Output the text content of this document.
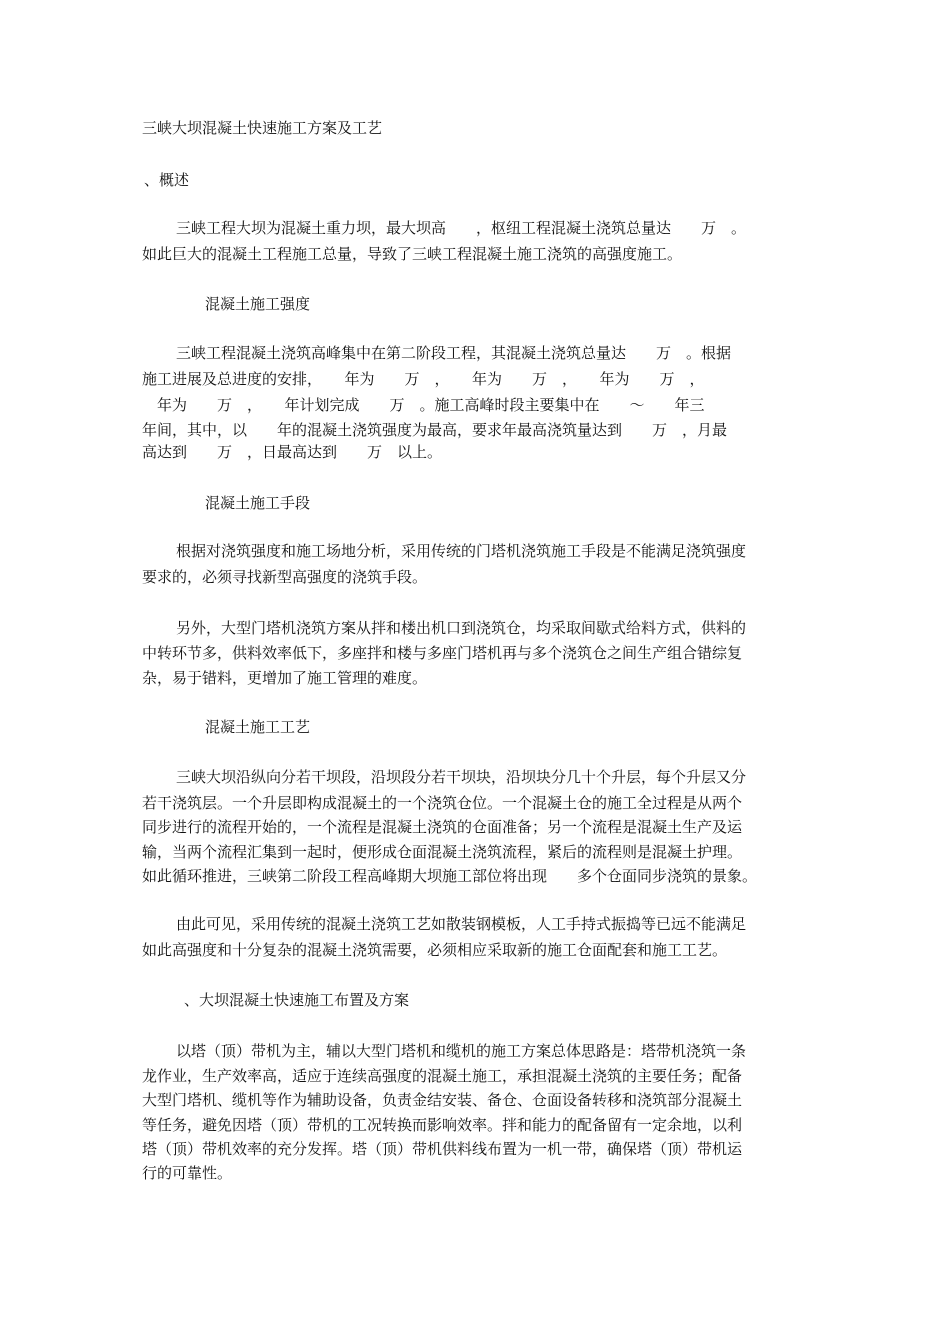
三峡大坝混凝土快速施工方案及工艺

、概述

三峡工程大坝为混凝土重力坝，最大坝高　　，枢纽工程混凝土浇筑总量达　　万　。

如此巨大的混凝土工程施工总量，导致了三峡工程混凝土施工浇筑的高强度施工。

混凝土施工强度

三峡工程混凝土浇筑高峰集中在第二阶段工程，其混凝土浇筑总量达　　万　。根据

施工进展及总进度的安排，　　年为　　万　，　　年为　　万　，　　年为　　万　，

　年为　　万　，　　年计划完成　　万　。施工高峰时段主要集中在　　～　　年三

年间，其中，以　　年的混凝土浇筑强度为最高，要求年最高浇筑量达到　　万　，月最

高达到　　万　，日最高达到　　万　以上。

混凝土施工手段

根据对浇筑强度和施工场地分析，采用传统的门塔机浇筑施工手段是不能满足浇筑强度

要求的，必须寻找新型高强度的浇筑手段。

另外，大型门塔机浇筑方案从拌和楼出机口到浇筑仓，均采取间歇式给料方式，供料的

中转环节多，供料效率低下，多座拌和楼与多座门塔机再与多个浇筑仓之间生产组合错综复

杂，易于错料，更增加了施工管理的难度。

混凝土施工工艺

三峡大坝沿纵向分若干坝段，沿坝段分若干坝块，沿坝块分几十个升层，每个升层又分

若干浇筑层。一个升层即构成混凝土的一个浇筑仓位。一个混凝土仓的施工全过程是从两个

同步进行的流程开始的，一个流程是混凝土浇筑的仓面准备；另一个流程是混凝土生产及运

输，当两个流程汇集到一起时，便形成仓面混凝土浇筑流程，紧后的流程则是混凝土护理。

如此循环推进，三峡第二阶段工程高峰期大坝施工部位将出现　　多个仓面同步浇筑的景象。

由此可见，采用传统的混凝土浇筑工艺如散装钢模板，人工手持式振捣等已远不能满足

如此高强度和十分复杂的混凝土浇筑需要，必须相应采取新的施工仓面配套和施工工艺。

、大坝混凝土快速施工布置及方案

以塔（顶）带机为主，辅以大型门塔机和缆机的施工方案总体思路是：塔带机浇筑一条

龙作业，生产效率高，适应于连续高强度的混凝土施工，承担混凝土浇筑的主要任务；配备

大型门塔机、缆机等作为辅助设备，负责金结安装、备仓、仓面设备转移和浇筑部分混凝土

等任务，避免因塔（顶）带机的工况转换而影响效率。拌和能力的配备留有一定余地，以利

塔（顶）带机效率的充分发挥。塔（顶）带机供料线布置为一机一带，确保塔（顶）带机运

行的可靠性。
